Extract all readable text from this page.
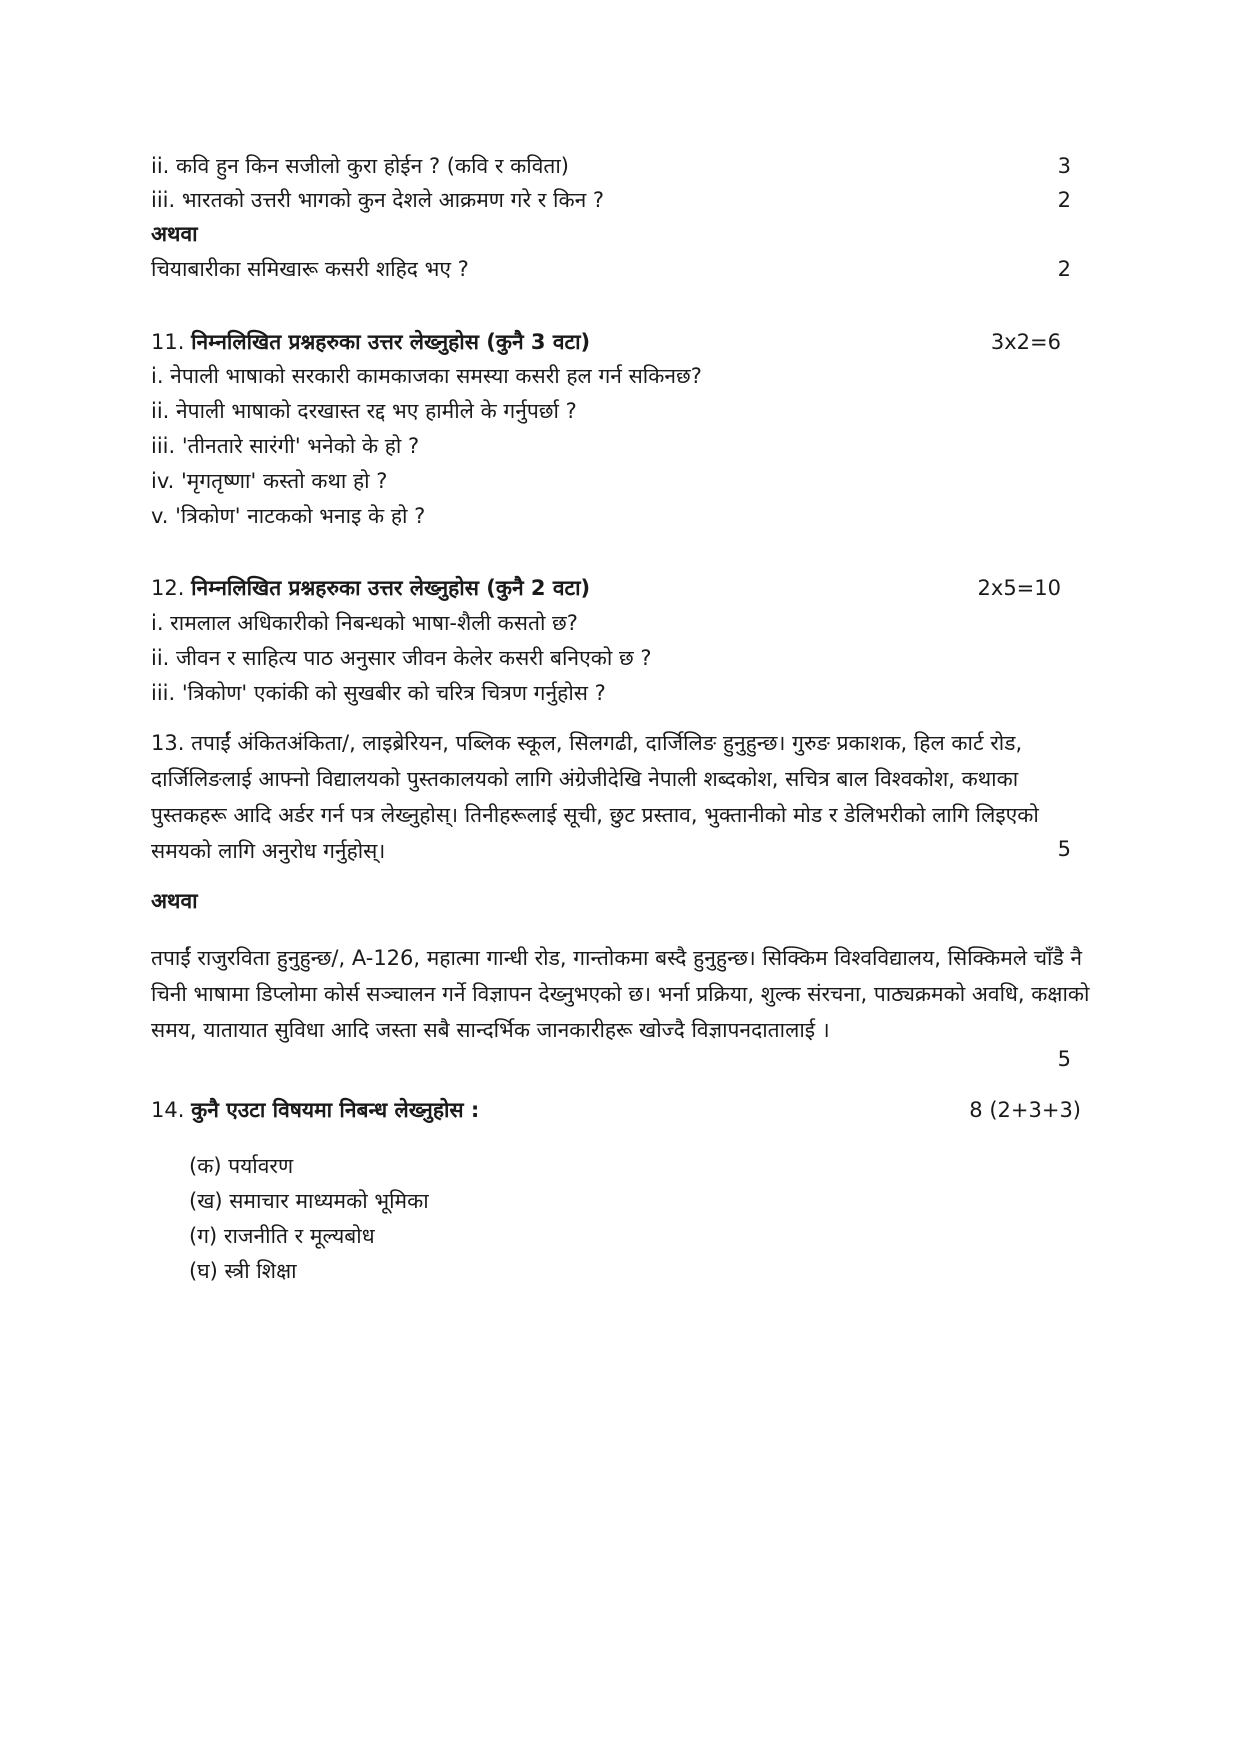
ii. कवि हुन किन सजीलो कुरा होईन ? (कवि र कविता)	3
iii. भारतको उत्तरी भागको कुन देशले आक्रमण गरे र किन ?	2
अथवा
चियाबारीका समिखारू कसरी शहिद भए ?	2
11. निम्नलिखित प्रश्नहरुका उत्तर लेख्नुहोस (कुनै 3 वटा)	3x2=6
i. नेपाली भाषाको सरकारी कामकाजका समस्या कसरी हल गर्न सकिनछ?
ii. नेपाली भाषाको दरखास्त रद्द भए हामीले के गर्नुपर्छा ?
iii. 'तीनतारे सारंगी' भनेको के हो ?
iv. 'मृगतृष्णा' कस्तो कथा हो ?
v. 'त्रिकोण' नाटकको भनाइ के हो ?
12. निम्नलिखित प्रश्नहरुका उत्तर लेख्नुहोस (कुनै 2 वटा)	2x5=10
i. रामलाल अधिकारीको निबन्धको भाषा-शैली कसतो छ?
ii. जीवन र साहित्य पाठ अनुसार जीवन केलेर कसरी बनिएको छ ?
iii. 'त्रिकोण' एकांकी को सुखबीर को चरित्र चित्रण गर्नुहोस ?
13. तपाईं अंकितअंकिता/, लाइब्रेरियन, पब्लिक स्कूल, सिलगढी, दार्जिलिङ हुनुहुन्छ। गुरुङ प्रकाशक, हिल कार्ट रोड, दार्जिलिङलाई आफ्नो विद्यालयको पुस्तकालयको लागि अंग्रेजीदेखि नेपाली शब्दकोश, सचित्र बाल विश्वकोश, कथाका पुस्तकहरू आदि अर्डर गर्न पत्र लेख्नुहोस्। तिनीहरूलाई सूची, छुट प्रस्ताव, भुक्तानीको मोड र डेलिभरीको लागि लिइएको समयको लागि अनुरोध गर्नुहोस्।	5
अथवा
तपाईं राजुरविता हुनुहुन्छ/, A-126, महात्मा गान्धी रोड, गान्तोकमा बस्दै हुनुहुन्छ। सिक्किम विश्वविद्यालय, सिक्किमले चाँडै नै चिनी भाषामा डिप्लोमा कोर्स सञ्चालन गर्ने विज्ञापन देख्नुभएको छ। भर्ना प्रक्रिया, शुल्क संरचना, पाठ्यक्रमको अवधि, कक्षाको समय, यातायात सुविधा आदि जस्ता सबै सान्दर्भिक जानकारीहरू खोज्दै विज्ञापनदातालाई ।
5
14. कुनै एउटा विषयमा निबन्ध लेख्नुहोस :	8 (2+3+3)
(क) पर्यावरण
(ख) समाचार माध्यमको भूमिका
(ग) राजनीति र मूल्यबोध
(घ) स्त्री शिक्षा
